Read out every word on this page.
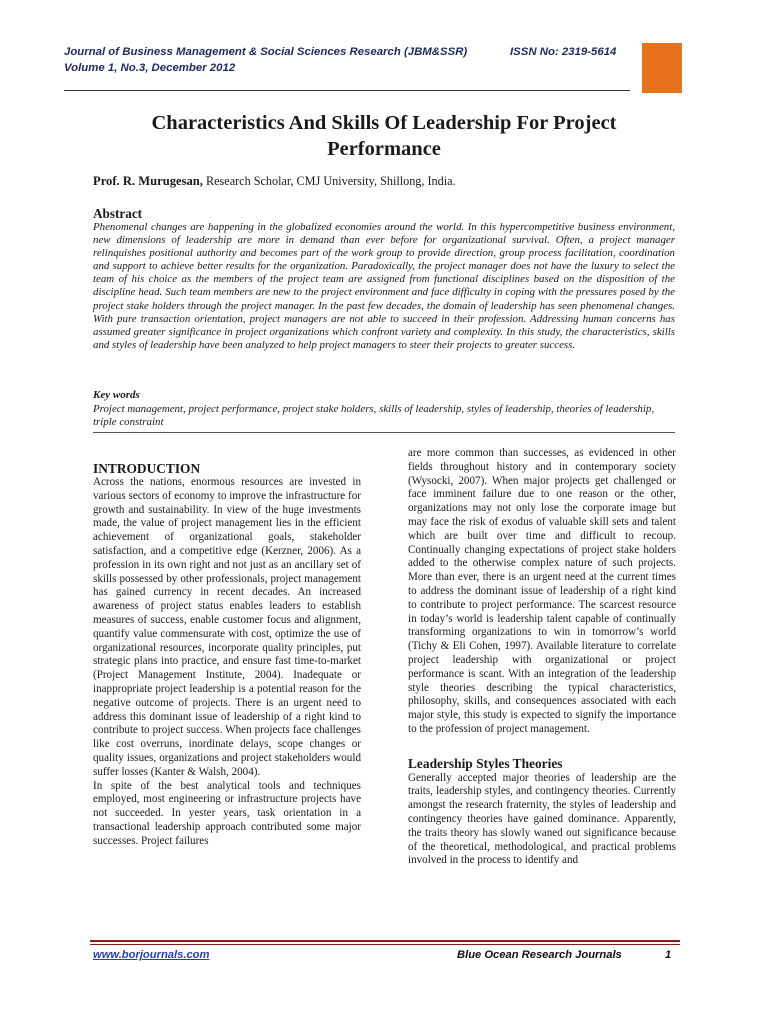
Journal of Business Management & Social Sciences Research (JBM&SSR)	ISSN No: 2319-5614
Volume 1, No.3, December 2012
Characteristics And Skills Of Leadership For Project
Performance
Prof. R. Murugesan, Research Scholar, CMJ University, Shillong, India.
Abstract
Phenomenal changes are happening in the globalized economies around the world. In this hypercompetitive business environment, new dimensions of leadership are more in demand than ever before for organizational survival. Often, a project manager relinquishes positional authority and becomes part of the work group to provide direction, group process facilitation, coordination and support to achieve better results for the organization. Paradoxically, the project manager does not have the luxury to select the team of his choice as the members of the project team are assigned from functional disciplines based on the disposition of the discipline head. Such team members are new to the project environment and face difficulty in coping with the pressures posed by the project stake holders through the project manager. In the past few decades, the domain of leadership has seen phenomenal changes. With pure transaction orientation, project managers are not able to succeed in their profession. Addressing human concerns has assumed greater significance in project organizations which confront variety and complexity. In this study, the characteristics, skills and styles of leadership have been analyzed to help project managers to steer their projects to greater success.
Key words
Project management, project performance, project stake holders, skills of leadership, styles of leadership, theories of leadership, triple constraint
INTRODUCTION

Across the nations, enormous resources are invested in various sectors of economy to improve the infrastructure for growth and sustainability. In view of the huge investments made, the value of project management lies in the efficient achievement of organizational goals, stakeholder satisfaction, and a competitive edge (Kerzner, 2006). As a profession in its own right and not just as an ancillary set of skills possessed by other professionals, project management has gained currency in recent decades. An increased awareness of project status enables leaders to establish measures of success, enable customer focus and alignment, quantify value commensurate with cost, optimize the use of organizational resources, incorporate quality principles, put strategic plans into practice, and ensure fast time-to-market (Project Management Institute, 2004). Inadequate or inappropriate project leadership is a potential reason for the negative outcome of projects. There is an urgent need to address this dominant issue of leadership of a right kind to contribute to project success. When projects face challenges like cost overruns, inordinate delays, scope changes or quality issues, organizations and project stakeholders would suffer losses (Kanter & Walsh, 2004).

In spite of the best analytical tools and techniques employed, most engineering or infrastructure projects have not succeeded. In yester years, task orientation in a transactional leadership approach contributed some major successes. Project failures

are more common than successes, as evidenced in other fields throughout history and in contemporary society (Wysocki, 2007). When major projects get challenged or face imminent failure due to one reason or the other, organizations may not only lose the corporate image but may face the risk of exodus of valuable skill sets and talent which are built over time and difficult to recoup. Continually changing expectations of project stake holders added to the otherwise complex nature of such projects. More than ever, there is an urgent need at the current times to address the dominant issue of leadership of a right kind to contribute to project performance. The scarcest resource in today’s world is leadership talent capable of continually transforming organizations to win in tomorrow’s world (Tichy & Eli Cohen, 1997). Available literature to correlate project leadership with organizational or project performance is scant. With an integration of the leadership style theories describing the typical characteristics, philosophy, skills, and consequences associated with each major style, this study is expected to signify the importance to the profession of project management.

Leadership Styles Theories

Generally accepted major theories of leadership are the traits, leadership styles, and contingency theories. Currently amongst the research fraternity, the styles of leadership and contingency theories have gained dominance. Apparently, the traits theory has slowly waned out significance because of the theoretical, methodological, and practical problems involved in the process to identify and

www.borjournals.com	Blue Ocean Research Journals	1
